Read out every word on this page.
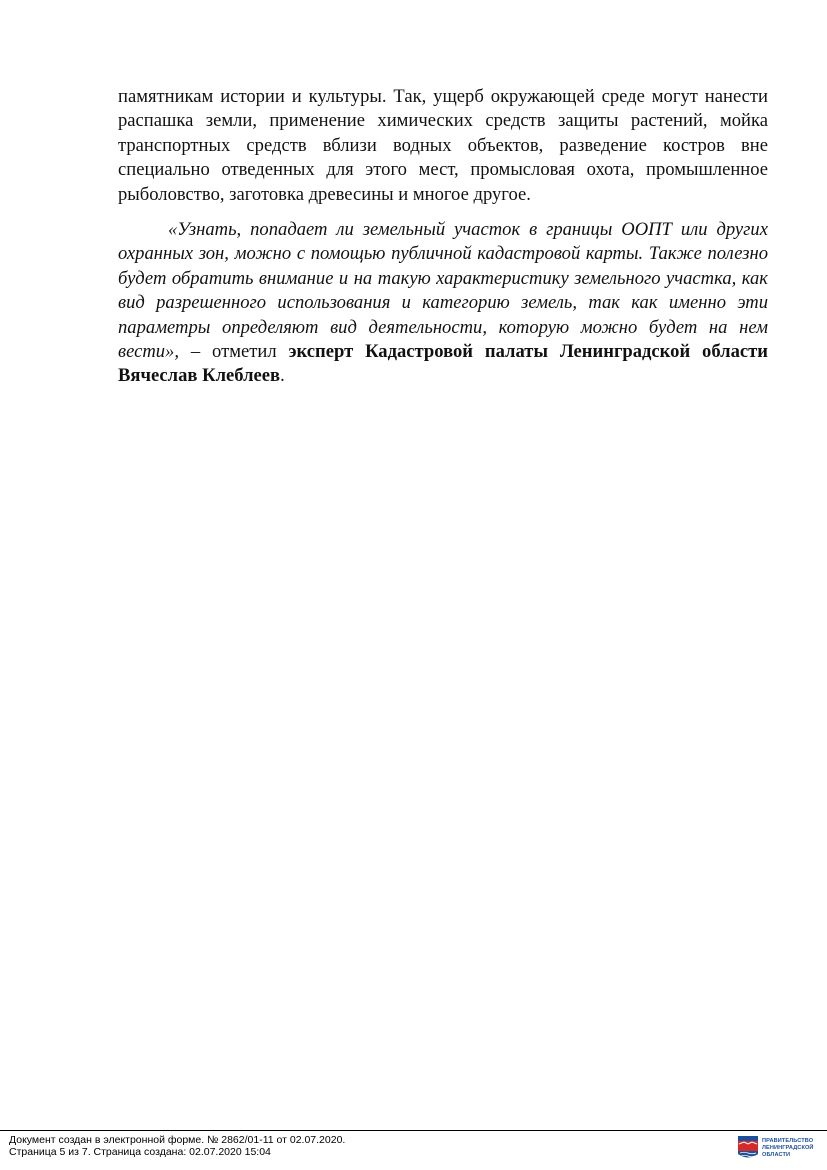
памятникам истории и культуры. Так, ущерб окружающей среде могут нанести распашка земли, применение химических средств защиты растений, мойка транспортных средств вблизи водных объектов, разведение костров вне специально отведенных для этого мест, промысловая охота, промышленное рыболовство, заготовка древесины и многое другое.

«Узнать, попадает ли земельный участок в границы ООПТ или других охранных зон, можно с помощью публичной кадастровой карты. Также полезно будет обратить внимание и на такую характеристику земельного участка, как вид разрешенного использования и категорию земель, так как именно эти параметры определяют вид деятельности, которую можно будет на нем вести», – отметил эксперт Кадастровой палаты Ленинградской области Вячеслав Клеблеев.

Документ создан в электронной форме. № 2862/01-11 от 02.07.2020.
Страница 5 из 7. Страница создана: 02.07.2020 15:04
ПРАВИТЕЛЬСТВО
ЛЕНИНГРАДСКОЙ
ОБЛАСТИ
